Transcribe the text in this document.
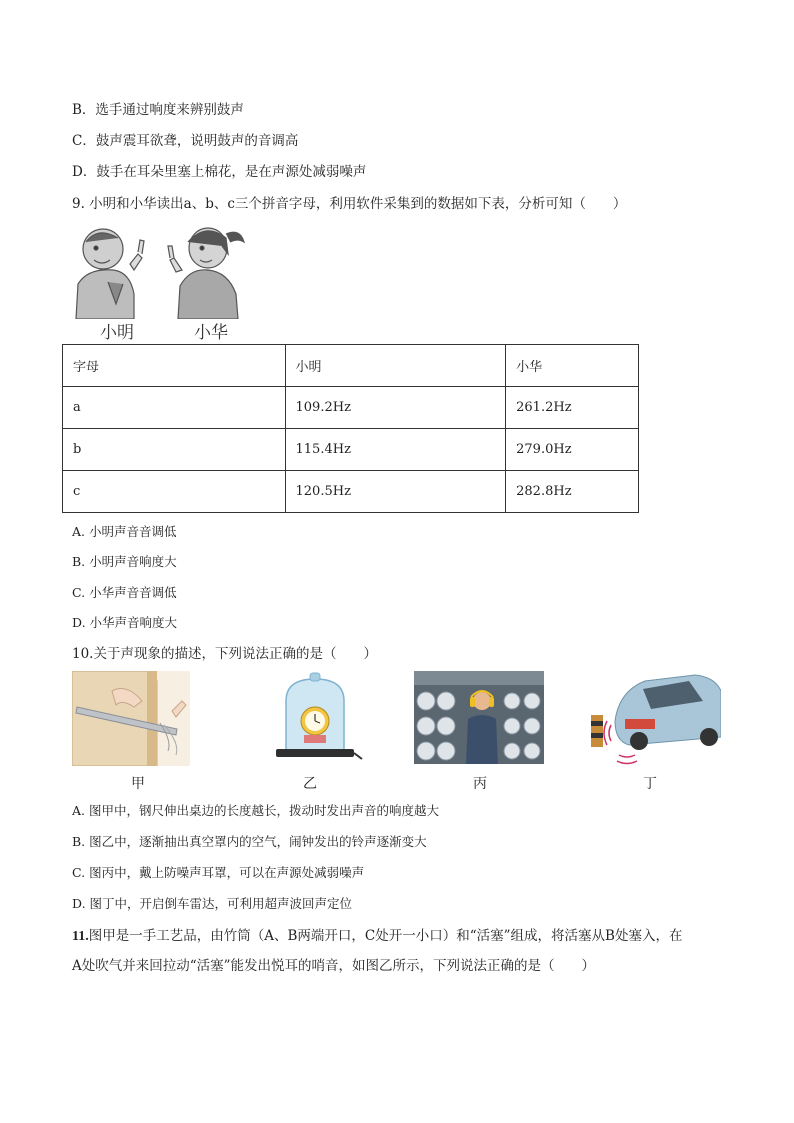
B．选手通过响度来辨别鼓声
C．鼓声震耳欲聋，说明鼓声的音调高
D．鼓手在耳朵里塞上棉花，是在声源处减弱噪声
9. 小明和小华读出a、b、c三个拼音字母，利用软件采集到的数据如下表，分析可知（　　）
小明	小华
字母	小明	小华
a	109.2Hz	261.2Hz
b	115.4Hz	279.0Hz
c	120.5Hz	282.8Hz
A. 小明声音音调低
B. 小明声音响度大
C. 小华声音音调低
D. 小华声音响度大
10.关于声现象的描述，下列说法正确的是（　　）
甲	乙	丙	丁
A. 图甲中，钢尺伸出桌边的长度越长，拨动时发出声音的响度越大
B. 图乙中，逐渐抽出真空罩内的空气，闹钟发出的铃声逐渐变大
C. 图丙中，戴上防噪声耳罩，可以在声源处减弱噪声
D. 图丁中，开启倒车雷达，可利用超声波回声定位
11.图甲是一手工艺品，由竹筒（A、B两端开口，C处开一小口）和“活塞”组成，将活塞从B处塞入，在
A处吹气并来回拉动“活塞”能发出悦耳的哨音，如图乙所示，下列说法正确的是（　　）
